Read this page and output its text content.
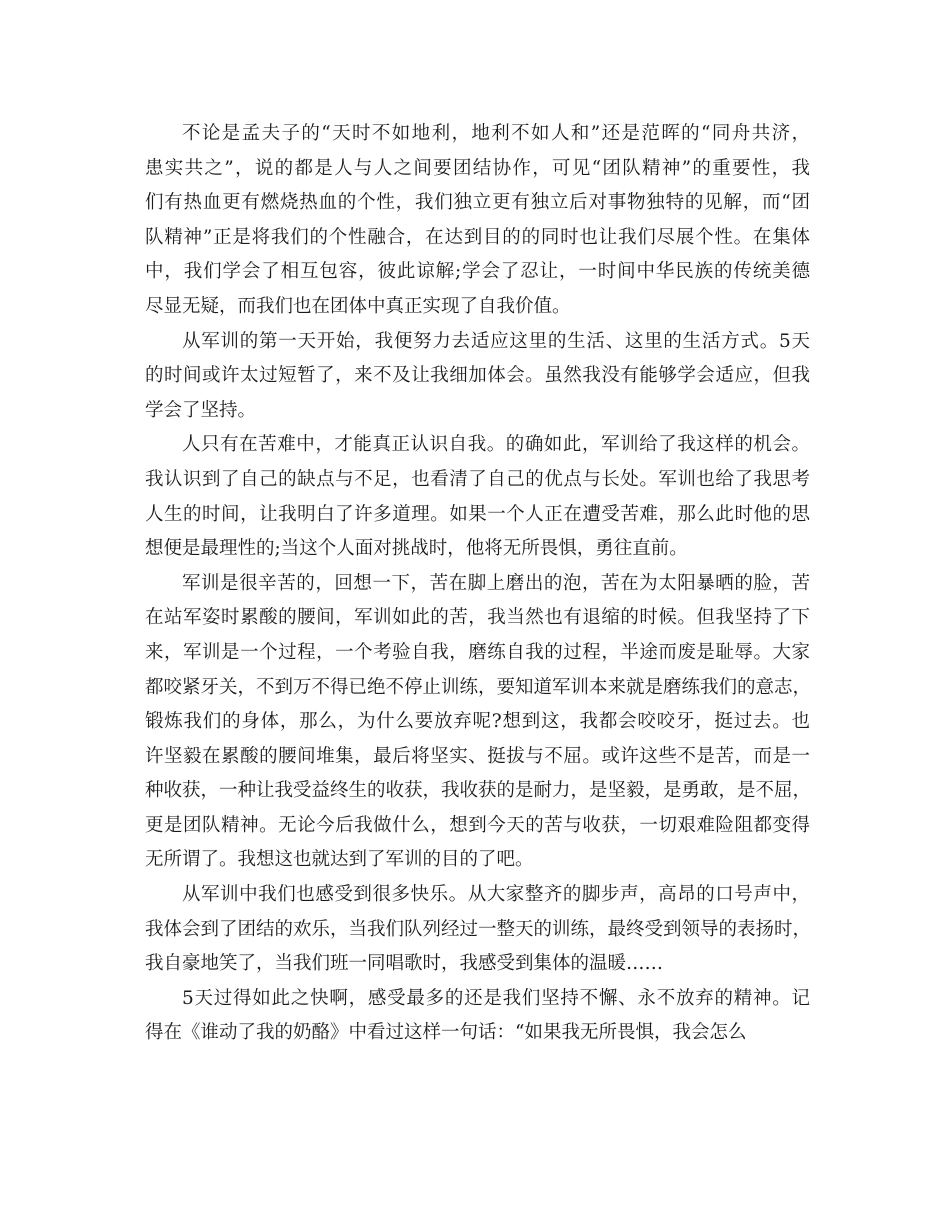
不论是孟夫子的“天时不如地利，地利不如人和”还是范晖的“同舟共济，
患实共之”，说的都是人与人之间要团结协作，可见“团队精神”的重要性，我
们有热血更有燃烧热血的个性，我们独立更有独立后对事物独特的见解，而“团
队精神”正是将我们的个性融合，在达到目的的同时也让我们尽展个性。在集体
中，我们学会了相互包容，彼此谅解;学会了忍让，一时间中华民族的传统美德
尽显无疑，而我们也在团体中真正实现了自我价值。
从军训的第一天开始，我便努力去适应这里的生活、这里的生活方式。5天
的时间或许太过短暂了，来不及让我细加体会。虽然我没有能够学会适应，但我
学会了坚持。
人只有在苦难中，才能真正认识自我。的确如此，军训给了我这样的机会。
我认识到了自己的缺点与不足，也看清了自己的优点与长处。军训也给了我思考
人生的时间，让我明白了许多道理。如果一个人正在遭受苦难，那么此时他的思
想便是最理性的;当这个人面对挑战时，他将无所畏惧，勇往直前。
军训是很辛苦的，回想一下，苦在脚上磨出的泡，苦在为太阳暴晒的脸，苦
在站军姿时累酸的腰间，军训如此的苦，我当然也有退缩的时候。但我坚持了下
来，军训是一个过程，一个考验自我，磨练自我的过程，半途而废是耻辱。大家
都咬紧牙关，不到万不得已绝不停止训练，要知道军训本来就是磨练我们的意志，
锻炼我们的身体，那么，为什么要放弃呢?想到这，我都会咬咬牙，挺过去。也
许坚毅在累酸的腰间堆集，最后将坚实、挺拔与不屈。或许这些不是苦，而是一
种收获，一种让我受益终生的收获，我收获的是耐力，是坚毅，是勇敢，是不屈，
更是团队精神。无论今后我做什么，想到今天的苦与收获，一切艰难险阻都变得
无所谓了。我想这也就达到了军训的目的了吧。
从军训中我们也感受到很多快乐。从大家整齐的脚步声，高昂的口号声中，
我体会到了团结的欢乐，当我们队列经过一整天的训练，最终受到领导的表扬时，
我自豪地笑了，当我们班一同唱歌时，我感受到集体的温暖……
5天过得如此之快啊，感受最多的还是我们坚持不懈、永不放弃的精神。记
得在《谁动了我的奶酪》中看过这样一句话：“如果我无所畏惧，我会怎么
